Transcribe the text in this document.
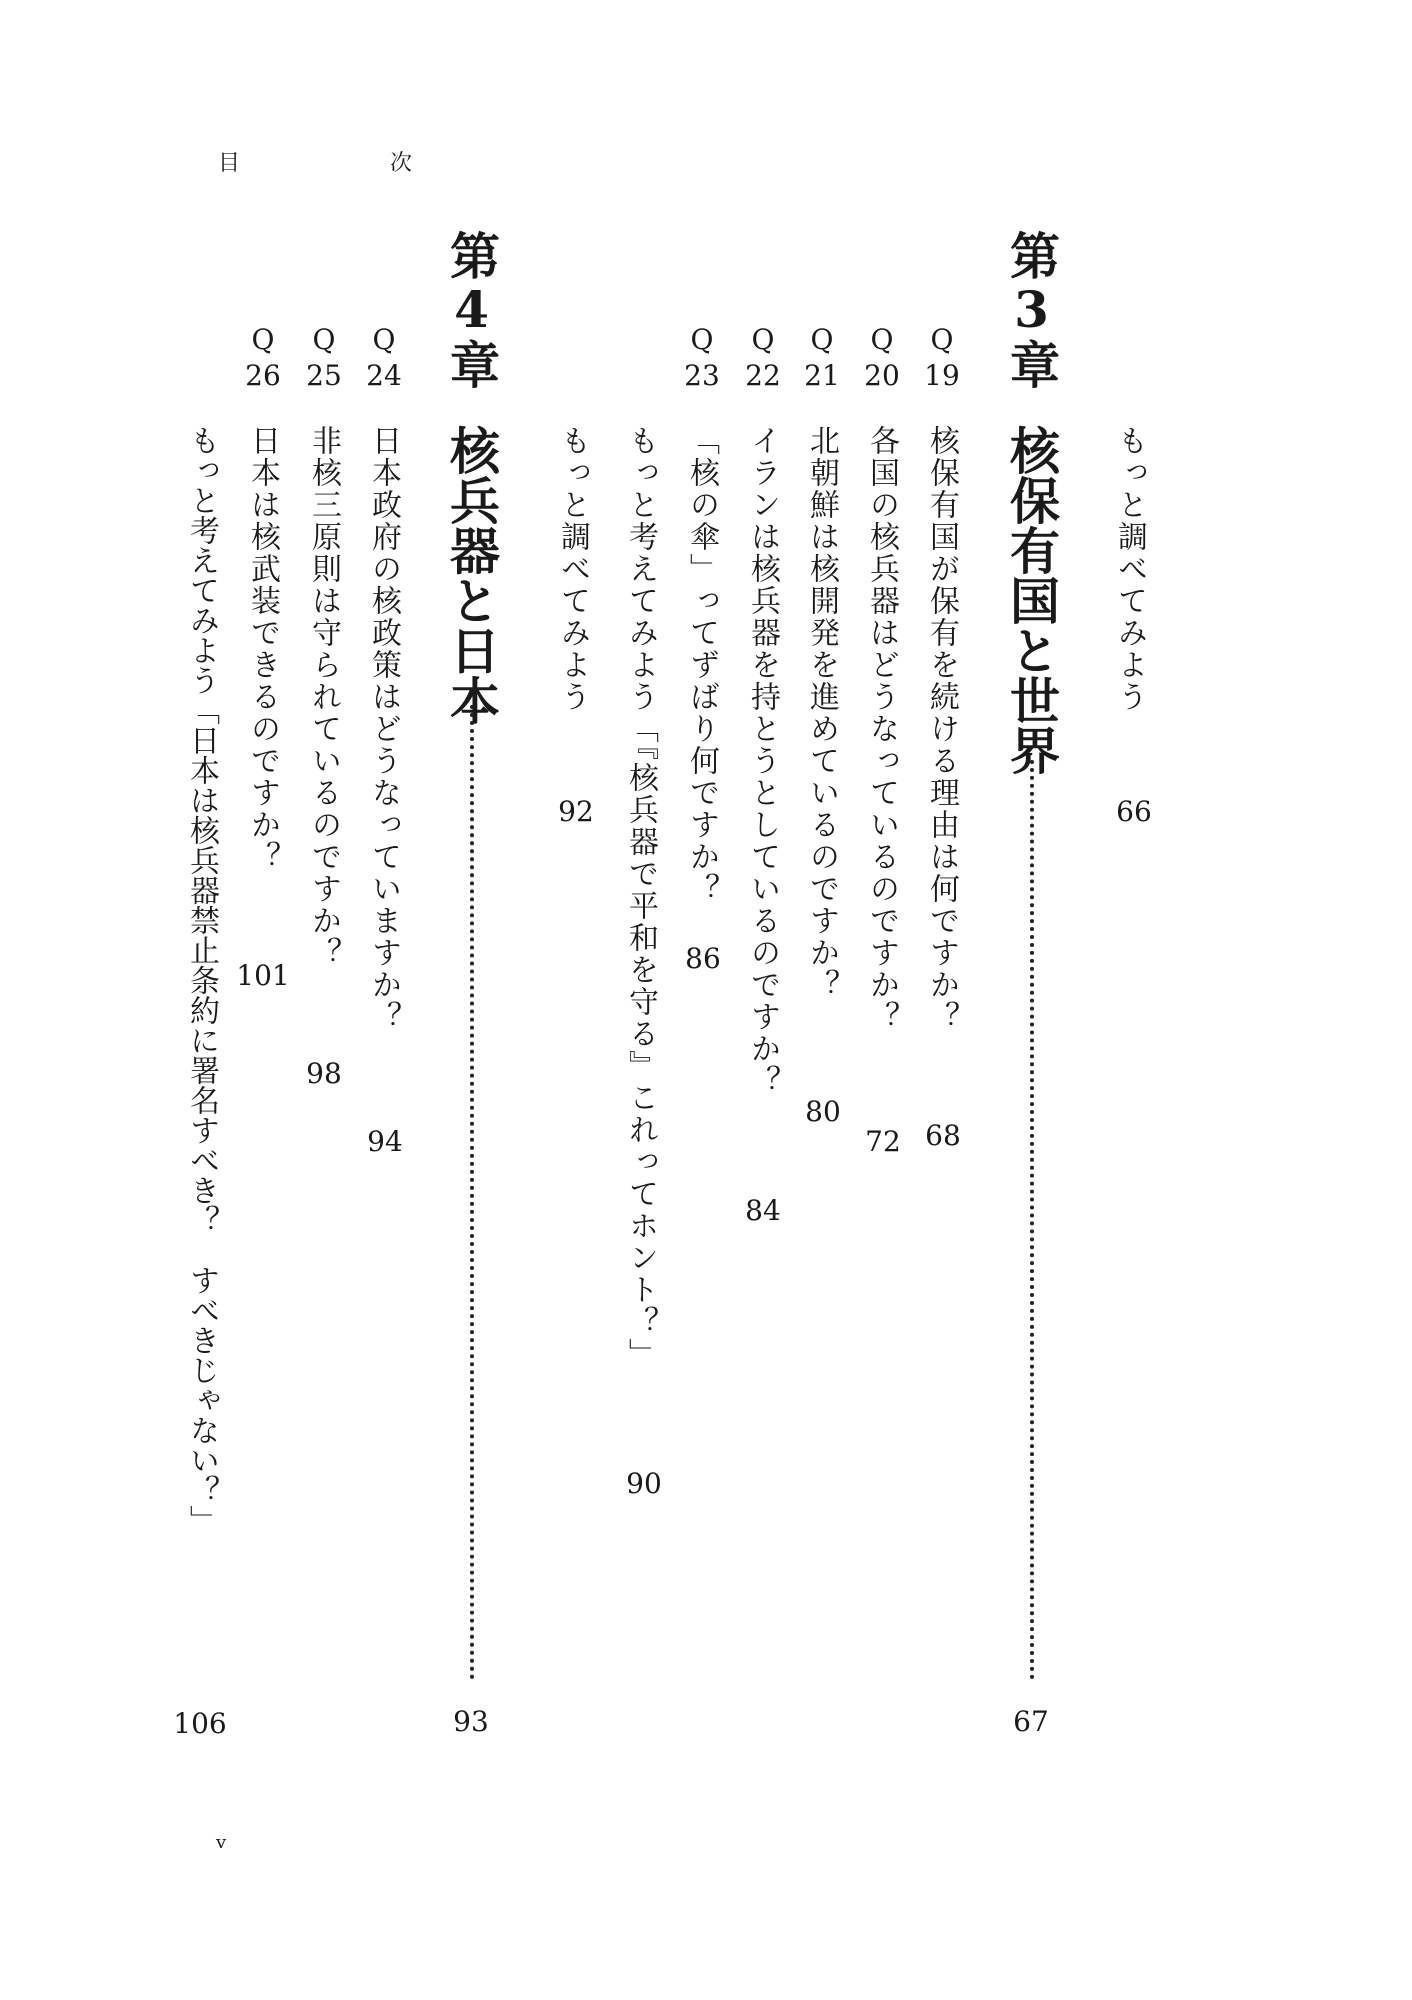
目　次
もっと調べてみよう
66
第3章
核保有国と世界
67
Q
19
核保有国が保有を続ける理由は何ですか？
68
Q
20
各国の核兵器はどうなっているのですか？
72
Q
21
北朝鮮は核開発を進めているのですか？
80
Q
22
イランは核兵器を持とうとしているのですか？
84
Q
23
「核の傘」ってずばり何ですか？
86
もっと考えてみよう「『核兵器で平和を守る』これってホント？」
90
もっと調べてみよう
92
第4章
核兵器と日本
93
Q
24
日本政府の核政策はどうなっていますか？
94
Q
25
非核三原則は守られているのですか？
98
Q
26
日本は核武装できるのですか？
101
もっと考えてみよう「日本は核兵器禁止条約に署名すべき？　すべきじゃない？」
106
v
